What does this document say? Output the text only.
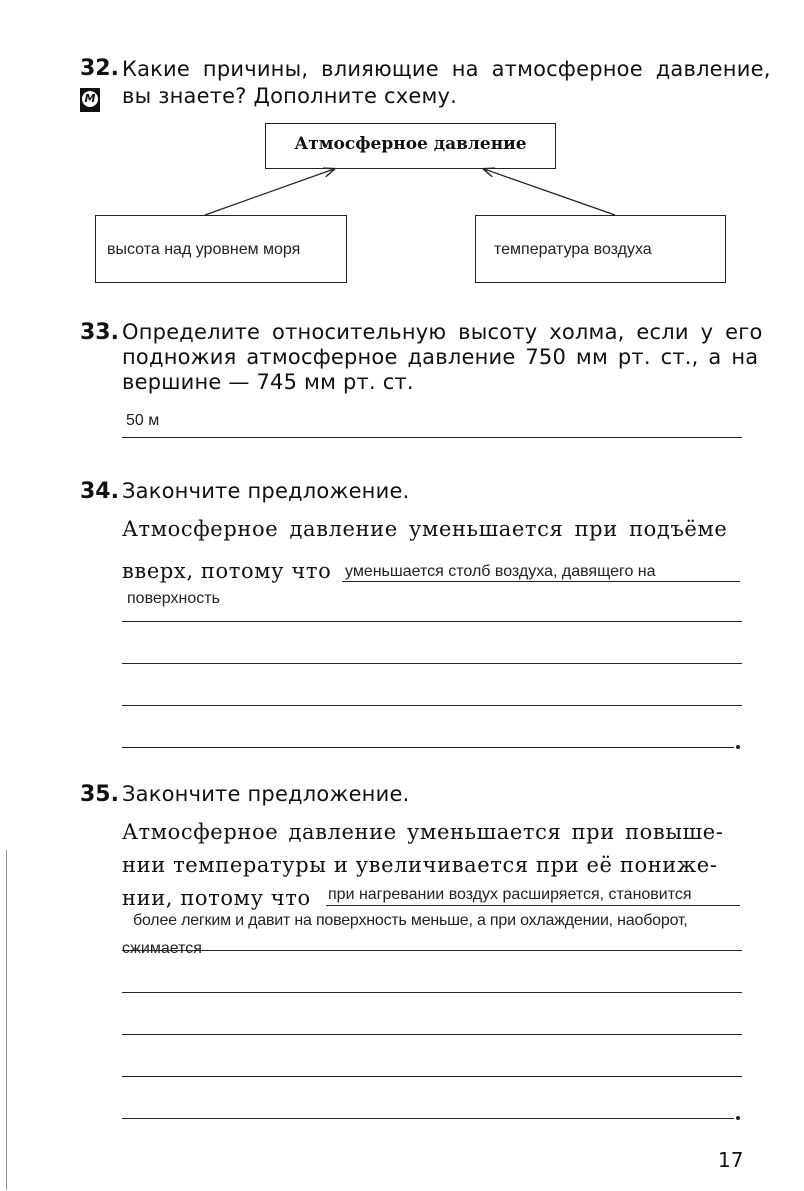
32. Какие причины, влияющие на атмосферное давление,
вы знаете? Дополните схему.
М
Атмосферное давление
высота над уровнем моря	температура воздуха
33. Определите относительную высоту холма, если у его
подножия атмосферное давление 750 мм рт. ст., а на
вершине — 745 мм рт. ст.
50 м
34. Закончите предложение.
Атмосферное давление уменьшается при подъёме
вверх, потому что уменьшается столб воздуха, давящего на
поверхность
35. Закончите предложение.
Атмосферное давление уменьшается при повыше-
нии температуры и увеличивается при её пониже-
нии, потому что при нагревании воздух расширяется, становится
более легким и давит на поверхность меньше, а при охлаждении, наоборот,
сжимается
17
